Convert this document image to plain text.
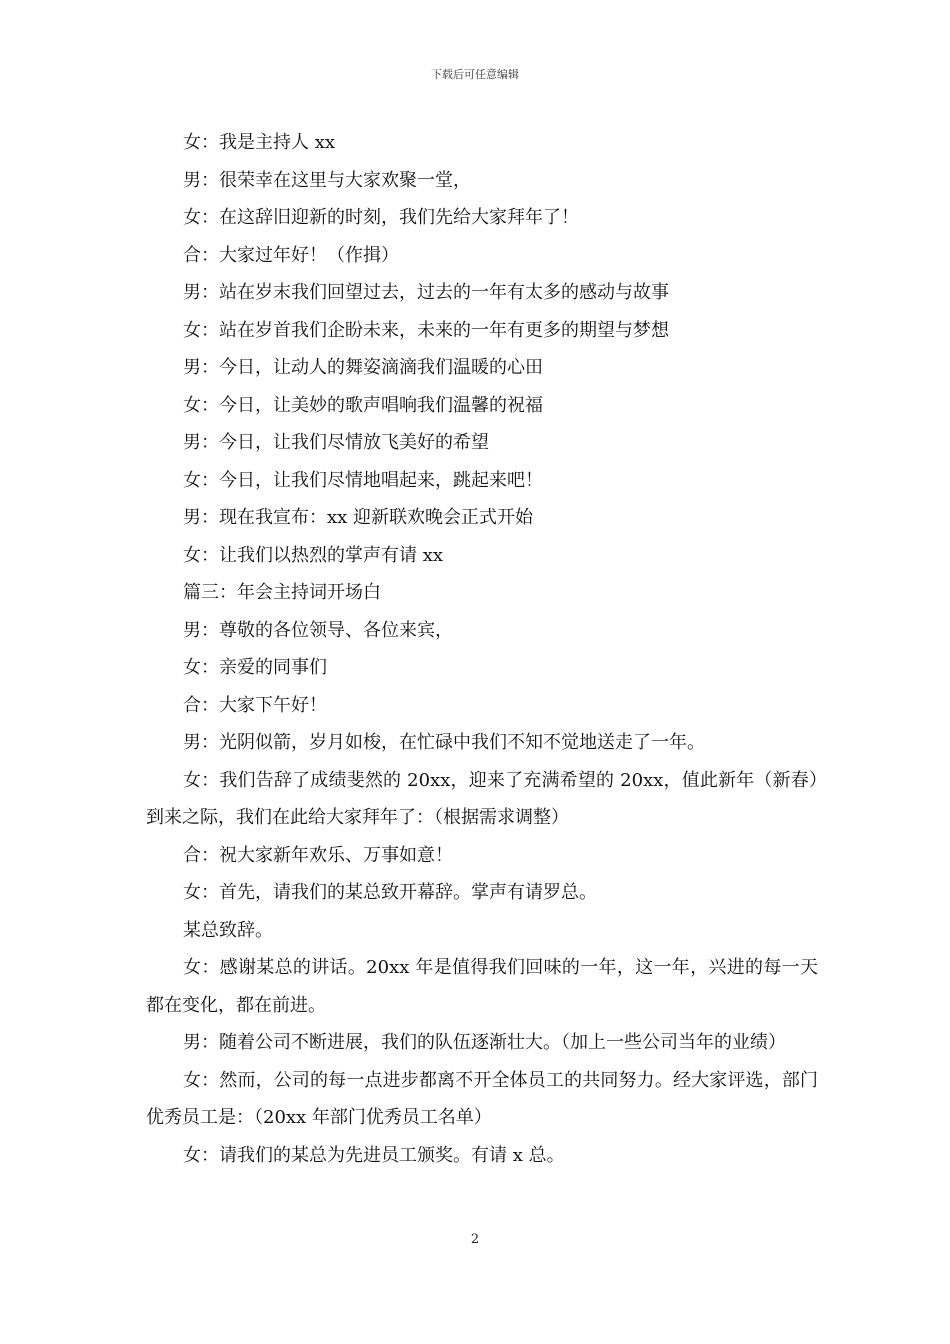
下载后可任意编辑

女：我是主持人 xx

男：很荣幸在这里与大家欢聚一堂，

女：在这辞旧迎新的时刻，我们先给大家拜年了！

合：大家过年好！（作揖）

男：站在岁末我们回望过去，过去的一年有太多的感动与故事

女：站在岁首我们企盼未来，未来的一年有更多的期望与梦想

男：今日，让动人的舞姿滴滴我们温暖的心田

女：今日，让美妙的歌声唱响我们温馨的祝福

男：今日，让我们尽情放飞美好的希望

女：今日，让我们尽情地唱起来，跳起来吧！

男：现在我宣布：xx 迎新联欢晚会正式开始

女：让我们以热烈的掌声有请 xx

篇三：年会主持词开场白

男：尊敬的各位领导、各位来宾，

女：亲爱的同事们

合：大家下午好！

男：光阴似箭，岁月如梭，在忙碌中我们不知不觉地送走了一年。

女：我们告辞了成绩斐然的 20xx，迎来了充满希望的 20xx，值此新年（新春）到来之际，我们在此给大家拜年了：（根据需求调整）

合：祝大家新年欢乐、万事如意！

女：首先，请我们的某总致开幕辞。掌声有请罗总。

某总致辞。

女：感谢某总的讲话。20xx 年是值得我们回味的一年，这一年，兴进的每一天都在变化，都在前进。

男：随着公司不断进展，我们的队伍逐渐壮大。（加上一些公司当年的业绩）

女：然而，公司的每一点进步都离不开全体员工的共同努力。经大家评选，部门优秀员工是：（20xx 年部门优秀员工名单）

女：请我们的某总为先进员工颁奖。有请 x 总。

2
